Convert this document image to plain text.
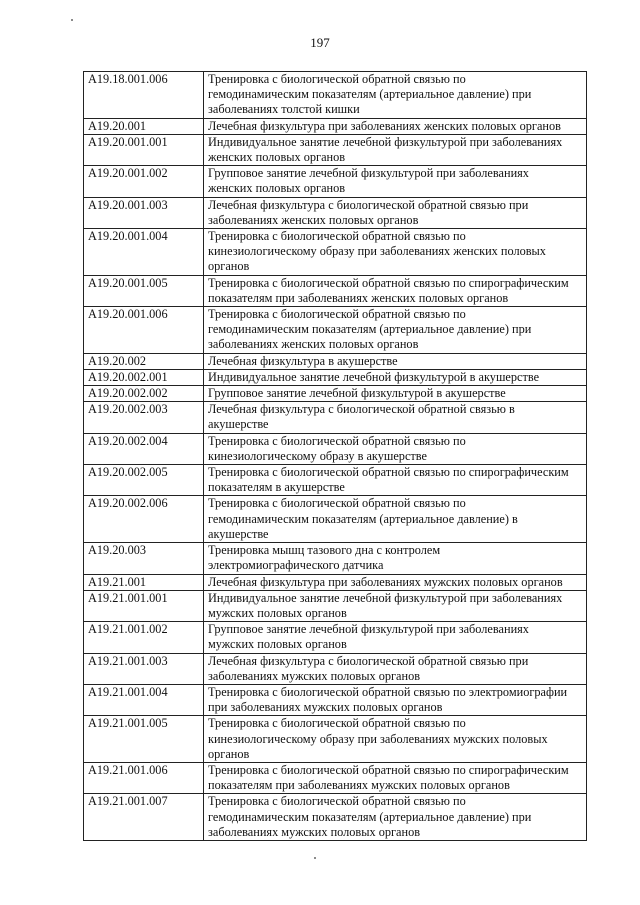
197
A19.18.001.006	Тренировка с биологической обратной связью по
гемодинамическим показателям (артериальное давление) при
заболеваниях толстой кишки

A19.20.001	Лечебная физкультура при заболеваниях женских половых органов

A19.20.001.001	Индивидуальное занятие лечебной физкультурой при заболеваниях
женских половых органов

A19.20.001.002	Групповое занятие лечебной физкультурой при заболеваниях
женских половых органов

A19.20.001.003	Лечебная физкультура с биологической обратной связью при
заболеваниях женских половых органов

A19.20.001.004	Тренировка с биологической обратной связью по
кинезиологическому образу при заболеваниях женских половых
органов

A19.20.001.005	Тренировка с биологической обратной связью по спирографическим
показателям при заболеваниях женских половых органов

A19.20.001.006	Тренировка с биологической обратной связью по
гемодинамическим показателям (артериальное давление) при
заболеваниях женских половых органов

A19.20.002	Лечебная физкультура в акушерстве

A19.20.002.001	Индивидуальное занятие лечебной физкультурой в акушерстве

A19.20.002.002	Групповое занятие лечебной физкультурой в акушерстве

A19.20.002.003	Лечебная физкультура с биологической обратной связью в
акушерстве

A19.20.002.004	Тренировка с биологической обратной связью по
кинезиологическому образу в акушерстве

A19.20.002.005	Тренировка с биологической обратной связью по спирографическим
показателям в акушерстве

A19.20.002.006	Тренировка с биологической обратной связью по
гемодинамическим показателям (артериальное давление) в
акушерстве

A19.20.003	Тренировка мышц тазового дна с контролем
электромиографического датчика

A19.21.001	Лечебная физкультура при заболеваниях мужских половых органов

A19.21.001.001	Индивидуальное занятие лечебной физкультурой при заболеваниях
мужских половых органов

A19.21.001.002	Групповое занятие лечебной физкультурой при заболеваниях
мужских половых органов

A19.21.001.003	Лечебная физкультура с биологической обратной связью при
заболеваниях мужских половых органов

A19.21.001.004	Тренировка с биологической обратной связью по электромиографии
при заболеваниях мужских половых органов

A19.21.001.005	Тренировка с биологической обратной связью по
кинезиологическому образу при заболеваниях мужских половых
органов

A19.21.001.006	Тренировка с биологической обратной связью по спирографическим
показателям при заболеваниях мужских половых органов

A19.21.001.007	Тренировка с биологической обратной связью по
гемодинамическим показателям (артериальное давление) при
заболеваниях мужских половых органов
